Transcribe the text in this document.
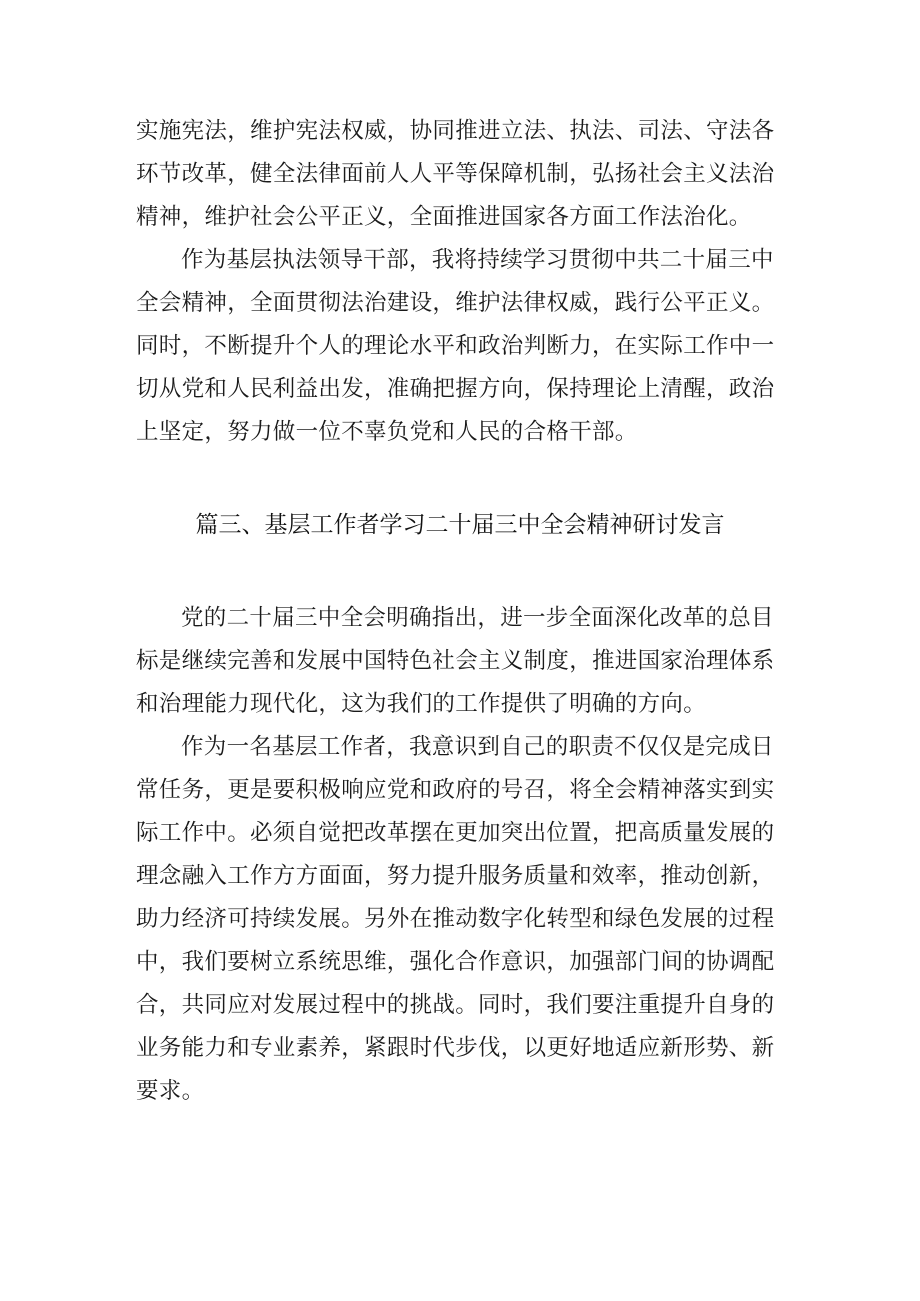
实施宪法，维护宪法权威，协同推进立法、执法、司法、守法各
环节改革，健全法律面前人人平等保障机制，弘扬社会主义法治
精神，维护社会公平正义，全面推进国家各方面工作法治化。
作为基层执法领导干部，我将持续学习贯彻中共二十届三中
全会精神，全面贯彻法治建设，维护法律权威，践行公平正义。
同时，不断提升个人的理论水平和政治判断力，在实际工作中一
切从党和人民利益出发，准确把握方向，保持理论上清醒，政治
上坚定，努力做一位不辜负党和人民的合格干部。
篇三、基层工作者学习二十届三中全会精神研讨发言
党的二十届三中全会明确指出，进一步全面深化改革的总目
标是继续完善和发展中国特色社会主义制度，推进国家治理体系
和治理能力现代化，这为我们的工作提供了明确的方向。
作为一名基层工作者，我意识到自己的职责不仅仅是完成日
常任务，更是要积极响应党和政府的号召，将全会精神落实到实
际工作中。必须自觉把改革摆在更加突出位置，把高质量发展的
理念融入工作方方面面，努力提升服务质量和效率，推动创新，
助力经济可持续发展。另外在推动数字化转型和绿色发展的过程
中，我们要树立系统思维，强化合作意识，加强部门间的协调配
合，共同应对发展过程中的挑战。同时，我们要注重提升自身的
业务能力和专业素养，紧跟时代步伐，以更好地适应新形势、新
要求。
